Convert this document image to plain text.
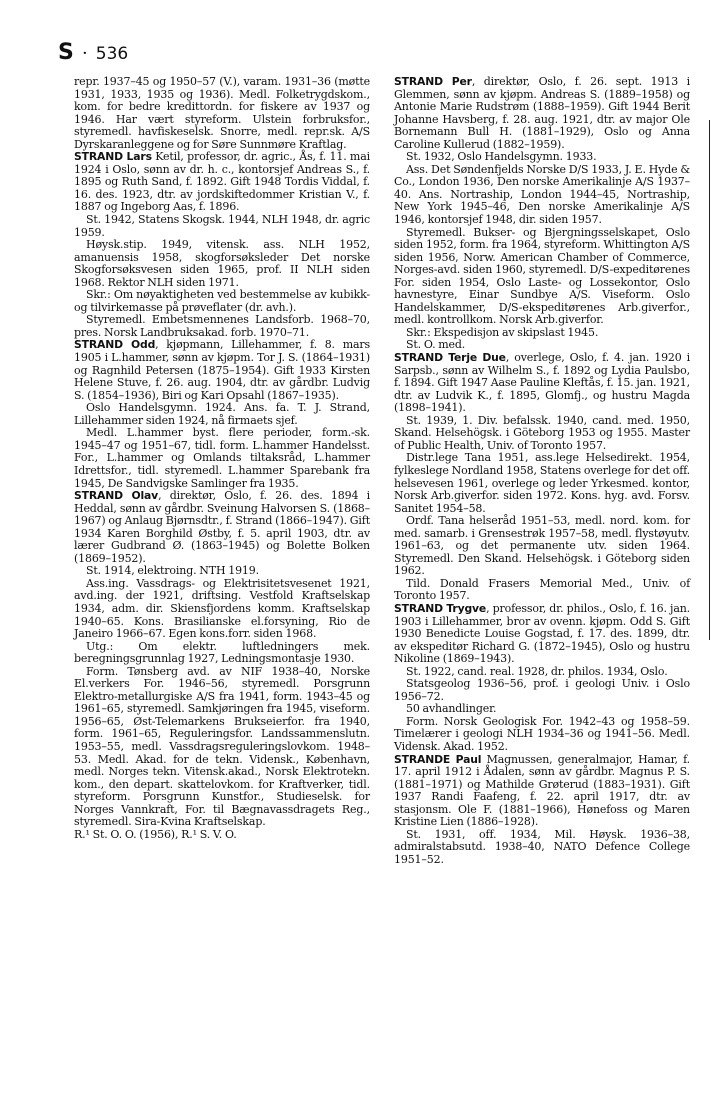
S · 536

repr. 1937–45 og 1950–57 (V.), varam. 1931–36 (møtte 1931, 1933, 1935 og 1936). Medl. Folketrygdskom., kom. for bedre kredittordn. for fiskere av 1937 og 1946. Har vært styreform. Ulstein forbruksfor., styremedl. havfiskeselsk. Snorre, medl. repr.sk. A/S Dyrskaranleggene og for Søre Sunnmøre Kraftlag.

STRAND Lars Ketil, professor, dr. agric., Ås, f. 11. mai 1924 i Oslo, sønn av dr. h. c., kontorsjef Andreas S., f. 1895 og Ruth Sand, f. 1892. Gift 1948 Tordis Viddal, f. 16. des. 1923, dtr. av jordskiftedommer Kristian V., f. 1887 og Ingeborg Aas, f. 1896.

St. 1942, Statens Skogsk. 1944, NLH 1948, dr. agric 1959.

Høysk.stip. 1949, vitensk. ass. NLH 1952, amanuensis 1958, skogforsøksleder Det norske Skogforsøksvesen siden 1965, prof. II NLH siden 1968. Rektor NLH siden 1971.

Skr.: Om nøyaktigheten ved bestemmelse av kubikk- og tilvirkemasse på prøveflater (dr. avh.).

Styremedl. Embetsmennenes Landsforb. 1968–70, pres. Norsk Landbruksakad. forb. 1970–71.

STRAND Odd, kjøpmann, Lillehammer, f. 8. mars 1905 i L.hammer, sønn av kjøpm. Tor J. S. (1864–1931) og Ragnhild Petersen (1875–1954). Gift 1933 Kirsten Helene Stuve, f. 26. aug. 1904, dtr. av gårdbr. Ludvig S. (1854–1936), Biri og Kari Opsahl (1867–1935).

Oslo Handelsgymn. 1924. Ans. fa. T. J. Strand, Lillehammer siden 1924, nå firmaets sjef.

Medl. L.hammer byst. flere perioder, form.-sk. 1945–47 og 1951–67, tidl. form. L.hammer Handelsst. For., L.hammer og Omlands tiltaksråd, L.hammer Idrettsfor., tidl. styremedl. L.hammer Sparebank fra 1945, De Sandvigske Samlinger fra 1935.

STRAND Olav, direktør, Oslo, f. 26. des. 1894 i Heddal, sønn av gårdbr. Sveinung Halvorsen S. (1868–1967) og Anlaug Bjørnsdtr., f. Strand (1866–1947). Gift 1934 Karen Borghild Østby, f. 5. april 1903, dtr. av lærer Gudbrand Ø. (1863–1945) og Bolette Bolken (1869–1952).

St. 1914, elektroing. NTH 1919.

Ass.ing. Vassdrags- og Elektrisitetsvesenet 1921, avd.ing. der 1921, driftsing. Vestfold Kraftselskap 1934, adm. dir. Skiensfjordens komm. Kraftselskap 1940–65. Kons. Brasilianske el.forsyning, Rio de Janeiro 1966–67. Egen kons.forr. siden 1968.

Utg.: Om elektr. luftledningers mek. beregningsgrunnlag 1927, Ledningsmontasje 1930.

Form. Tønsberg avd. av NIF 1938–40, Norske El.verkers For. 1946–56, styremedl. Porsgrunn Elektro-metallurgiske A/S fra 1941, form. 1943–45 og 1961–65, styremedl. Samkjøringen fra 1945, viseform. 1956–65, Øst-Telemarkens Brukseierfor. fra 1940, form. 1961–65, Reguleringsfor. Landssammenslutn. 1953–55, medl. Vassdragsreguleringslovkom. 1948–53. Medl. Akad. for de tekn. Vidensk., København, medl. Norges tekn. Vitensk.akad., Norsk Elektrotekn. kom., den depart. skattelovkom. for Kraftverker, tidl. styreform. Porsgrunn Kunstfor., Studieselsk. for Norges Vannkraft, For. til Bægnavassdragets Reg., styremedl. Sira-Kvina Kraftselskap.

R.¹ St. O. O. (1956), R.¹ S. V. O.

STRAND Per, direktør, Oslo, f. 26. sept. 1913 i Glemmen, sønn av kjøpm. Andreas S. (1889–1958) og Antonie Marie Rudstrøm (1888–1959). Gift 1944 Berit Johanne Havsberg, f. 28. aug. 1921, dtr. av major Ole Bornemann Bull H. (1881–1929), Oslo og Anna Caroline Kullerud (1882–1959).

St. 1932, Oslo Handelsgymn. 1933.

Ass. Det Søndenfjelds Norske D/S 1933, J. E. Hyde & Co., London 1936, Den norske Amerikalinje A/S 1937–40. Ans. Nortraship, London 1944–45, Nortraship, New York 1945–46, Den norske Amerikalinje A/S 1946, kontorsjef 1948, dir. siden 1957.

Styremedl. Bukser- og Bjergningsselskapet, Oslo siden 1952, form. fra 1964, styreform. Whittington A/S siden 1956, Norw. American Chamber of Commerce, Norges-avd. siden 1960, styremedl. D/S-expeditørenes For. siden 1954, Oslo Laste- og Lossekontor, Oslo havnestyre, Einar Sundbye A/S. Viseform. Oslo Handelskammer, D/S-ekspeditørenes Arb.giverfor., medl. kontrollkom. Norsk Arb.giverfor.

Skr.: Ekspedisjon av skipslast 1945.

St. O. med.

STRAND Terje Due, overlege, Oslo, f. 4. jan. 1920 i Sarpsb., sønn av Wilhelm S., f. 1892 og Lydia Paulsbo, f. 1894. Gift 1947 Aase Pauline Kleftås, f. 15. jan. 1921, dtr. av Ludvik K., f. 1895, Glomfj., og hustru Magda (1898–1941).

St. 1939, 1. Div. befalssk. 1940, cand. med. 1950, Skand. Helsehögsk. i Göteborg 1953 og 1955. Master of Public Health, Univ. of Toronto 1957.

Distr.lege Tana 1951, ass.lege Helsedirekt. 1954, fylkeslege Nordland 1958, Statens overlege for det off. helsevesen 1961, overlege og leder Yrkesmed. kontor, Norsk Arb.giverfor. siden 1972. Kons. hyg. avd. Forsv. Sanitet 1954–58.

Ordf. Tana helseråd 1951–53, medl. nord. kom. for med. samarb. i Grensestrøk 1957–58, medl. flystøyutv. 1961–63, og det permanente utv. siden 1964. Styremedl. Den Skand. Helsehögsk. i Göteborg siden 1962.

Tild. Donald Frasers Memorial Med., Univ. of Toronto 1957.

STRAND Trygve, professor, dr. philos., Oslo, f. 16. jan. 1903 i Lillehammer, bror av ovenn. kjøpm. Odd S. Gift 1930 Benedicte Louise Gogstad, f. 17. des. 1899, dtr. av ekspeditør Richard G. (1872–1945), Oslo og hustru Nikoline (1869–1943).

St. 1922, cand. real. 1928, dr. philos. 1934, Oslo.

Statsgeolog 1936–56, prof. i geologi Univ. i Oslo 1956–72.

50 avhandlinger.

Form. Norsk Geologisk For. 1942–43 og 1958–59. Timelærer i geologi NLH 1934–36 og 1941–56. Medl. Vidensk. Akad. 1952.

STRANDE Paul Magnussen, generalmajor, Hamar, f. 17. april 1912 i Ådalen, sønn av gårdbr. Magnus P. S. (1881–1971) og Mathilde Grøterud (1883–1931). Gift 1937 Randi Faafeng, f. 22. april 1917, dtr. av stasjonsm. Ole F. (1881–1966), Hønefoss og Maren Kristine Lien (1886–1928).

St. 1931, off. 1934, Mil. Høysk. 1936–38, admiralstabsutd. 1938–40, NATO Defence College 1951–52.
